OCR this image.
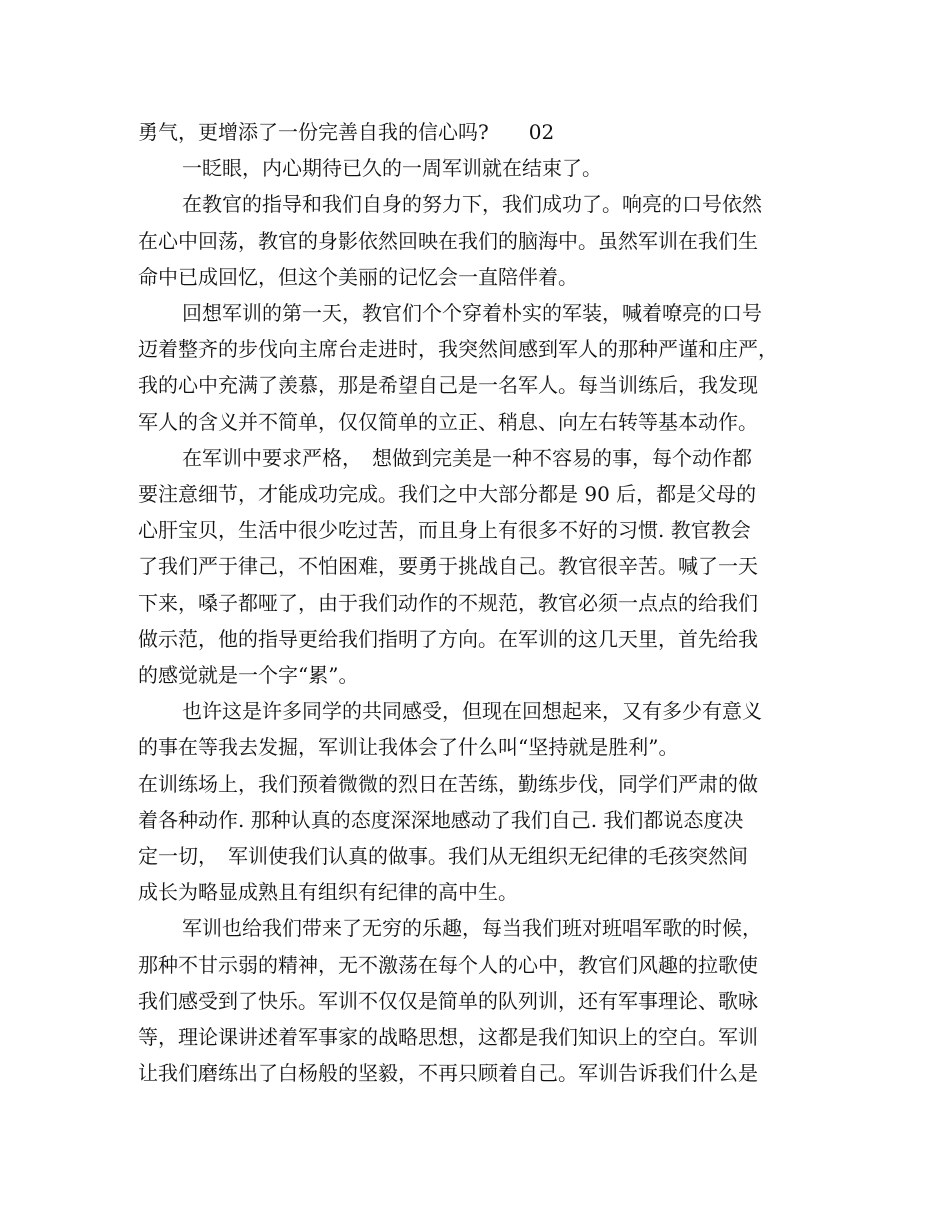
勇气，更增添了一份完善自我的信心吗?　　02

一眨眼，内心期待已久的一周军训就在结束了。

在教官的指导和我们自身的努力下，我们成功了。响亮的口号依然

在心中回荡，教官的身影依然回映在我们的脑海中。虽然军训在我们生

命中已成回忆，但这个美丽的记忆会一直陪伴着。

回想军训的第一天，教官们个个穿着朴实的军装，喊着嘹亮的口号

迈着整齐的步伐向主席台走进时，我突然间感到军人的那种严谨和庄严，

我的心中充满了羡慕，那是希望自己是一名军人。每当训练后，我发现

军人的含义并不简单，仅仅简单的立正、稍息、向左右转等基本动作。

在军训中要求严格，　想做到完美是一种不容易的事，每个动作都

要注意细节，才能成功完成。我们之中大部分都是 90 后，都是父母的

心肝宝贝，生活中很少吃过苦，而且身上有很多不好的习惯. 教官教会

了我们严于律己，不怕困难，要勇于挑战自己。教官很辛苦。喊了一天

下来，嗓子都哑了，由于我们动作的不规范，教官必须一点点的给我们

做示范，他的指导更给我们指明了方向。在军训的这几天里，首先给我

的感觉就是一个字“累”。

也许这是许多同学的共同感受，但现在回想起来，又有多少有意义

的事在等我去发掘，军训让我体会了什么叫“坚持就是胜利”。

在训练场上，我们预着微微的烈日在苦练，勤练步伐，同学们严肃的做

着各种动作. 那种认真的态度深深地感动了我们自己. 我们都说态度决

定一切，　军训使我们认真的做事。我们从无组织无纪律的毛孩突然间

成长为略显成熟且有组织有纪律的高中生。

军训也给我们带来了无穷的乐趣，每当我们班对班唱军歌的时候，

那种不甘示弱的精神，无不激荡在每个人的心中，教官们风趣的拉歌使

我们感受到了快乐。军训不仅仅是简单的队列训，还有军事理论、歌咏

等，理论课讲述着军事家的战略思想，这都是我们知识上的空白。军训

让我们磨练出了白杨般的坚毅，不再只顾着自己。军训告诉我们什么是
